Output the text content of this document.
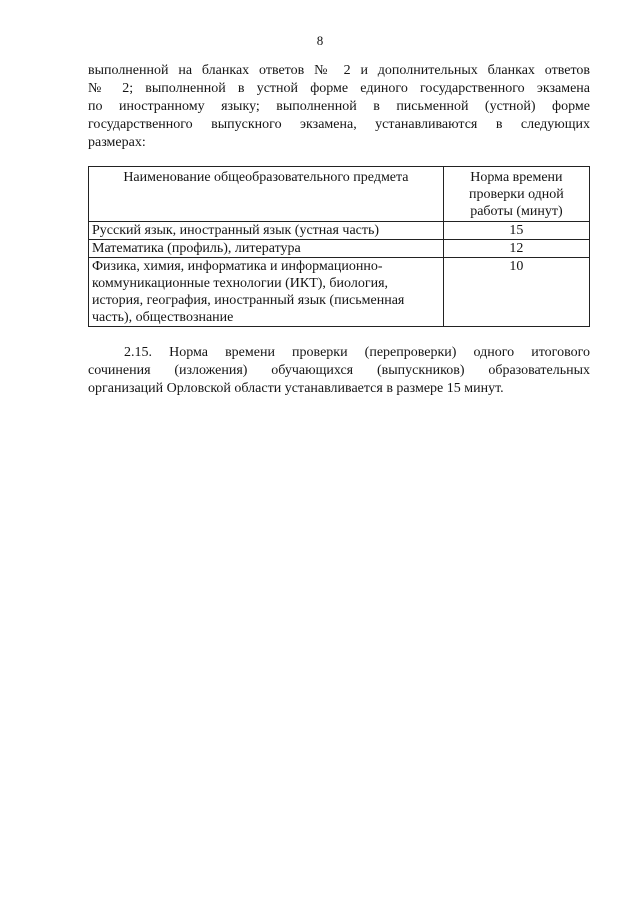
8
выполненной на бланках ответов № 2 и дополнительных бланках ответов
№ 2; выполненной в устной форме единого государственного экзамена
по иностранному языку; выполненной в письменной (устной) форме
государственного выпускного экзамена, устанавливаются в следующих
размерах:
Наименование общеобразовательного предмета	Норма времени проверки одной работы (минут)
Русский язык, иностранный язык (устная часть)	15
Математика (профиль), литература	12
Физика, химия, информатика и информационно-коммуникационные технологии (ИКТ), биология, история, география, иностранный язык (письменная часть), обществознание	10
2.15. Норма времени проверки (перепроверки) одного итогового
сочинения (изложения) обучающихся (выпускников) образовательных
организаций Орловской области устанавливается в размере 15 минут.
